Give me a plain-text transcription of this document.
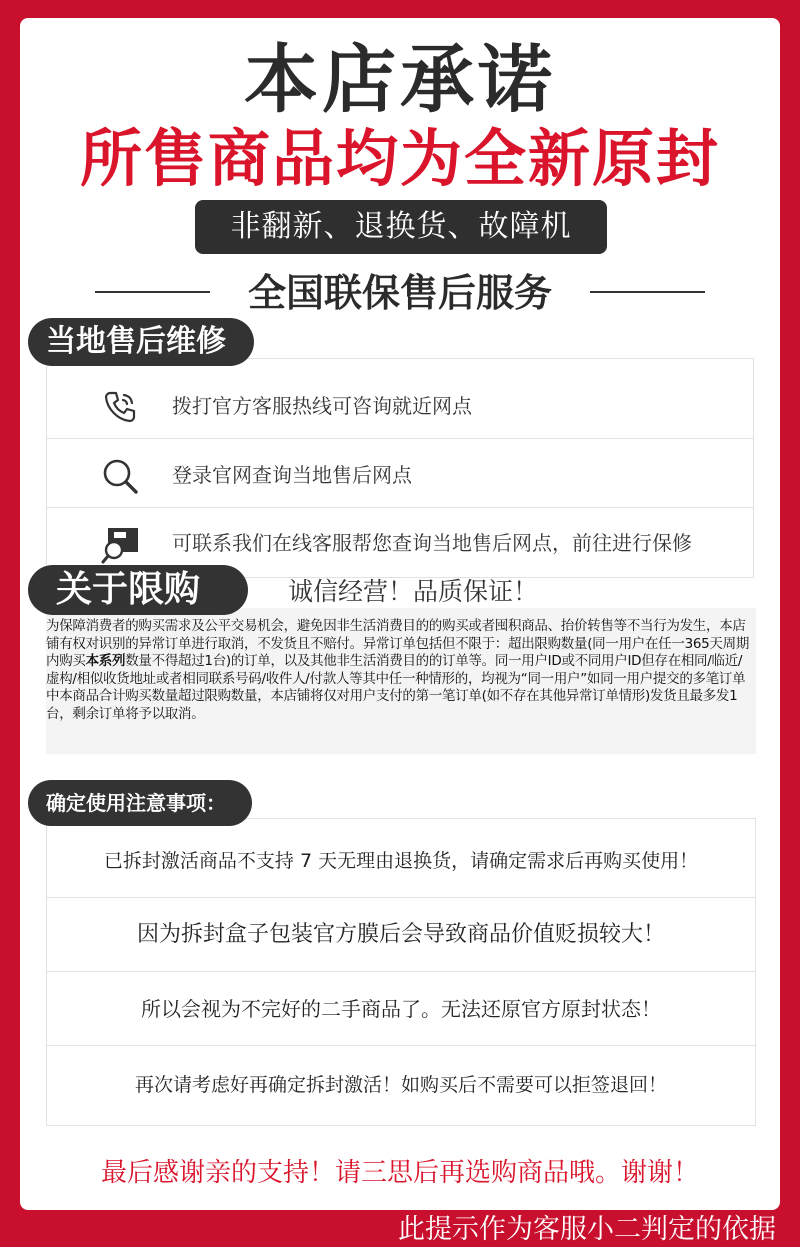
本店承诺
所售商品均为全新原封
非翻新、退换货、故障机
全国联保售后服务
当地售后维修
拨打官方客服热线可咨询就近网点
登录官网查询当地售后网点
可联系我们在线客服帮您查询当地售后网点，前往进行保修
为保障消费者的购买需求及公平交易机会，避免因非生活消费目的的购买或者囤积商品、抬价转售等不当行为发生，本店铺有权对识别的异常订单进行取消，不发货且不赔付。异常订单包括但不限于：超出限购数量(同一用户在任一365天周期内购买本系列数量不得超过1台)的订单，以及其他非生活消费目的的订单等。同一用户ID或不同用户ID但存在相同/临近/虚构/相似收货地址或者相同联系号码/收件人/付款人等其中任一种情形的，均视为“同一用户”如同一用户提交的多笔订单中本商品合计购买数量超过限购数量，本店铺将仅对用户支付的第一笔订单(如不存在其他异常订单情形)发货且最多发1台，剩余订单将予以取消。
关于限购	诚信经营！品质保证！
确定使用注意事项：
已拆封激活商品不支持 7 天无理由退换货，请确定需求后再购买使用！
因为拆封盒子包装官方膜后会导致商品价值贬损较大！
所以会视为不完好的二手商品了。无法还原官方原封状态！
再次请考虑好再确定拆封激活！如购买后不需要可以拒签退回！
最后感谢亲的支持！请三思后再选购商品哦。谢谢！
此提示作为客服小二判定的依据
